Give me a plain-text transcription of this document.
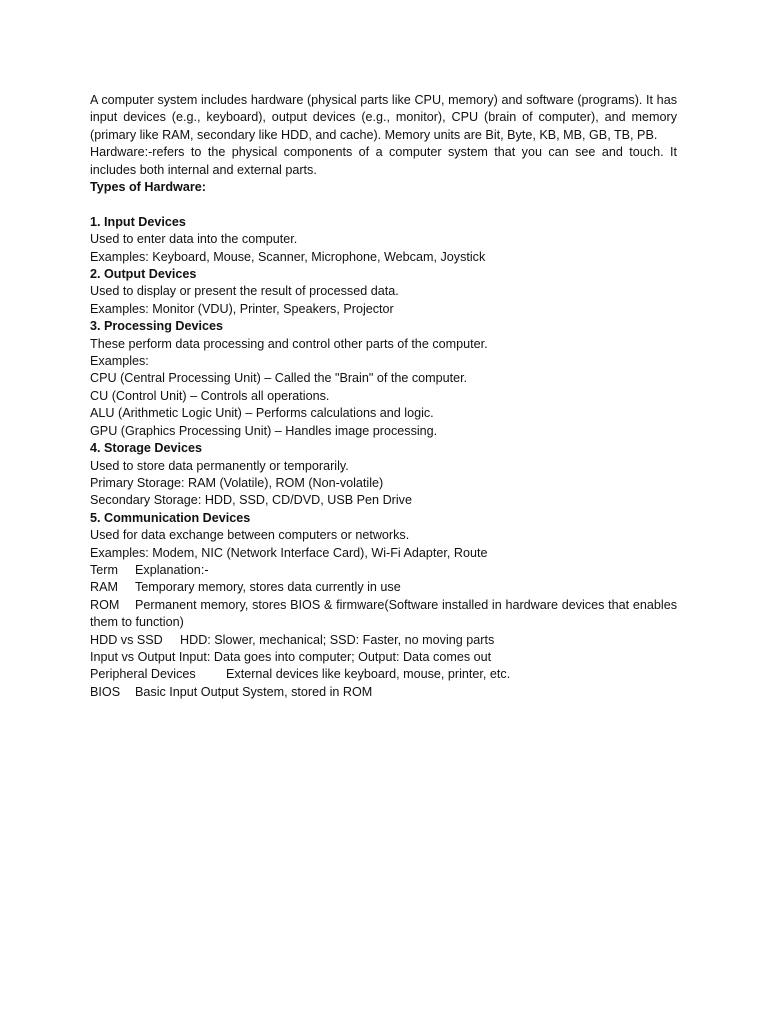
A computer system includes hardware (physical parts like CPU, memory) and software (programs). It has input devices (e.g., keyboard), output devices (e.g., monitor), CPU (brain of computer), and memory (primary like RAM, secondary like HDD, and cache). Memory units are Bit, Byte, KB, MB, GB, TB, PB.

Hardware:-refers to the physical components of a computer system that you can see and touch. It includes both internal and external parts.

Types of Hardware:

1. Input Devices

Used to enter data into the computer.

Examples: Keyboard, Mouse, Scanner, Microphone, Webcam, Joystick

2. Output Devices

Used to display or present the result of processed data.

Examples: Monitor (VDU), Printer, Speakers, Projector

3. Processing Devices

These perform data processing and control other parts of the computer.

Examples:

CPU (Central Processing Unit) – Called the "Brain" of the computer.

CU (Control Unit) – Controls all operations.

ALU (Arithmetic Logic Unit) – Performs calculations and logic.

GPU (Graphics Processing Unit) – Handles image processing.

4. Storage Devices

Used to store data permanently or temporarily.

Primary Storage: RAM (Volatile), ROM (Non-volatile)

Secondary Storage: HDD, SSD, CD/DVD, USB Pen Drive

5. Communication Devices

Used for data exchange between computers or networks.

Examples: Modem, NIC (Network Interface Card), Wi-Fi Adapter, Route

Term Explanation:-

RAM Temporary memory, stores data currently in use

ROM Permanent memory, stores BIOS & firmware(Software installed in hardware devices that enables them to function)

HDD vs SSD HDD: Slower, mechanical; SSD: Faster, no moving parts

Input vs Output Input: Data goes into computer; Output: Data comes out

Peripheral Devices External devices like keyboard, mouse, printer, etc.

BIOS Basic Input Output System, stored in ROM
